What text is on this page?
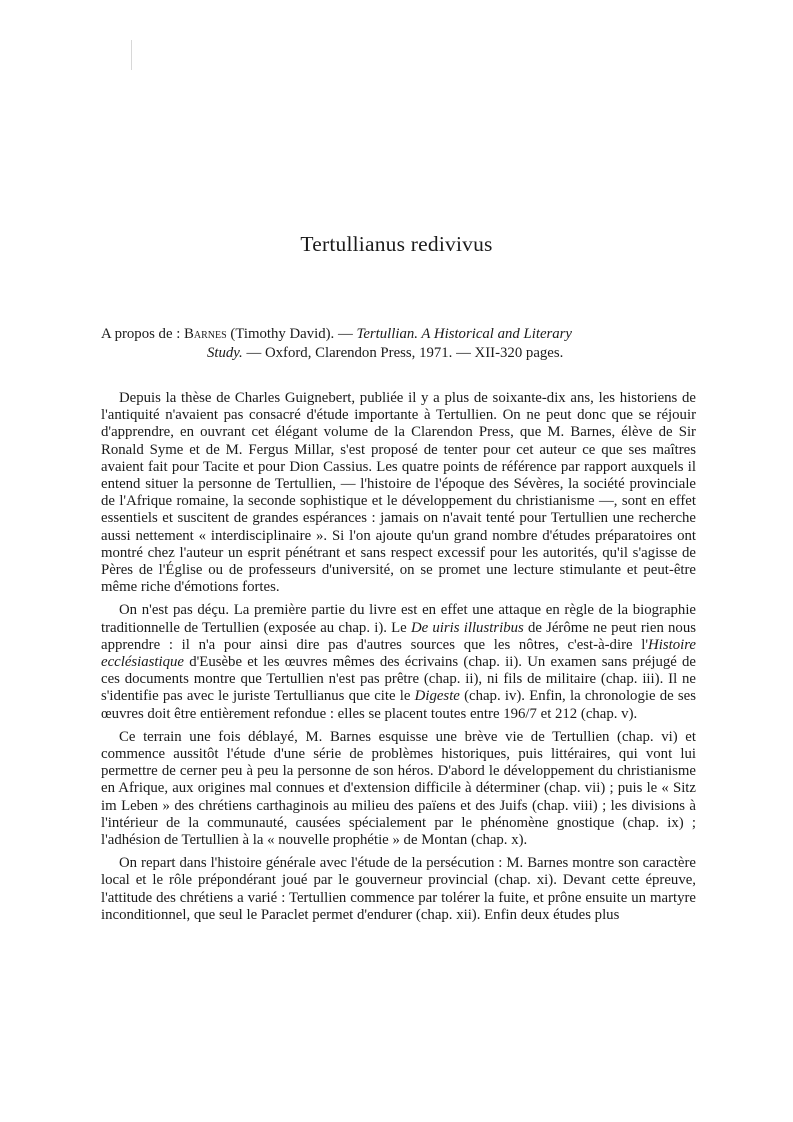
Tertullianus redivivus
A propos de : Barnes (Timothy David). — Tertullian. A Historical and Literary
Study. — Oxford, Clarendon Press, 1971. — XII-320 pages.

Depuis la thèse de Charles Guignebert, publiée il y a plus de soixante-dix ans, les historiens de l'antiquité n'avaient pas consacré d'étude importante à Tertullien. On ne peut donc que se réjouir d'apprendre, en ouvrant cet élégant volume de la Clarendon Press, que M. Barnes, élève de Sir Ronald Syme et de M. Fergus Millar, s'est proposé de tenter pour cet auteur ce que ses maîtres avaient fait pour Tacite et pour Dion Cassius. Les quatre points de référence par rapport auxquels il entend situer la personne de Tertullien, — l'histoire de l'époque des Sévères, la société provinciale de l'Afrique romaine, la seconde sophistique et le développement du christianisme —, sont en effet essentiels et suscitent de grandes espérances : jamais on n'avait tenté pour Tertullien une recherche aussi nettement « interdisciplinaire ». Si l'on ajoute qu'un grand nombre d'études préparatoires ont montré chez l'auteur un esprit pénétrant et sans respect excessif pour les autorités, qu'il s'agisse de Pères de l'Église ou de professeurs d'université, on se promet une lecture stimulante et peut-être même riche d'émotions fortes.

On n'est pas déçu. La première partie du livre est en effet une attaque en règle de la biographie traditionnelle de Tertullien (exposée au chap. i). Le De uiris illustribus de Jérôme ne peut rien nous apprendre : il n'a pour ainsi dire pas d'autres sources que les nôtres, c'est-à-dire l'Histoire ecclésiastique d'Eusèbe et les œuvres mêmes des écrivains (chap. ii). Un examen sans préjugé de ces documents montre que Tertullien n'est pas prêtre (chap. ii), ni fils de militaire (chap. iii). Il ne s'identifie pas avec le juriste Tertullianus que cite le Digeste (chap. iv). Enfin, la chronologie de ses œuvres doit être entièrement refondue : elles se placent toutes entre 196/7 et 212 (chap. v).

Ce terrain une fois déblayé, M. Barnes esquisse une brève vie de Tertullien (chap. vi) et commence aussitôt l'étude d'une série de problèmes historiques, puis littéraires, qui vont lui permettre de cerner peu à peu la personne de son héros. D'abord le développement du christianisme en Afrique, aux origines mal connues et d'extension difficile à déterminer (chap. vii) ; puis le « Sitz im Leben » des chrétiens carthaginois au milieu des païens et des Juifs (chap. viii) ; les divisions à l'intérieur de la communauté, causées spécialement par le phénomène gnostique (chap. ix) ; l'adhésion de Tertullien à la « nouvelle prophétie » de Montan (chap. x).

On repart dans l'histoire générale avec l'étude de la persécution : M. Barnes montre son caractère local et le rôle prépondérant joué par le gouverneur provincial (chap. xi). Devant cette épreuve, l'attitude des chrétiens a varié : Tertullien commence par tolérer la fuite, et prône ensuite un martyre inconditionnel, que seul le Paraclet permet d'endurer (chap. xii). Enfin deux études plus
